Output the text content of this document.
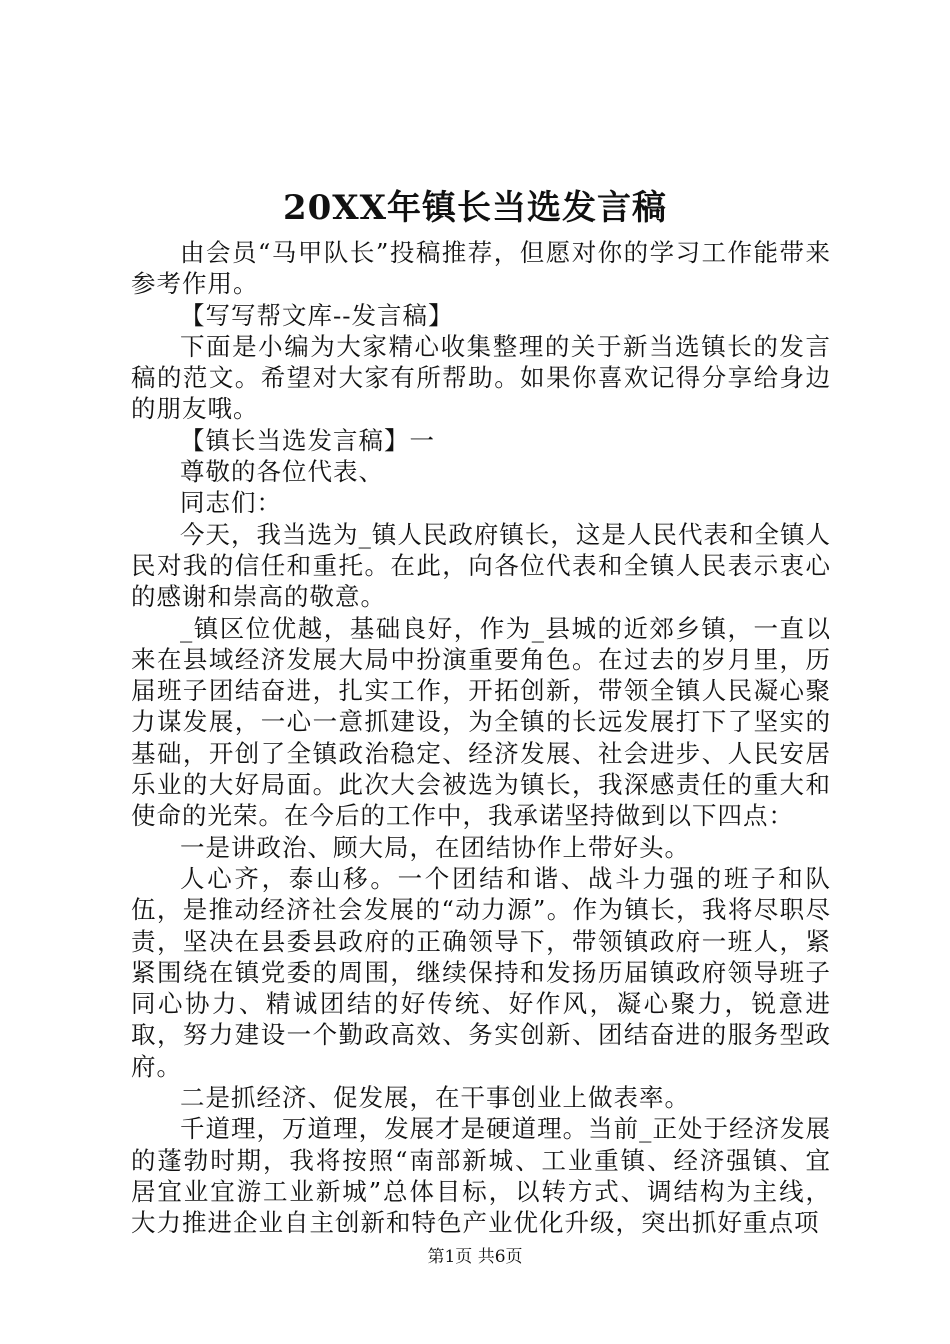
20XX年镇长当选发言稿

由会员“马甲队长”投稿推荐，但愿对你的学习工作能带来参考作用。

【写写帮文库--发言稿】

下面是小编为大家精心收集整理的关于新当选镇长的发言稿的范文。希望对大家有所帮助。如果你喜欢记得分享给身边的朋友哦。

【镇长当选发言稿】一

尊敬的各位代表、

同志们：

今天，我当选为_镇人民政府镇长，这是人民代表和全镇人民对我的信任和重托。在此，向各位代表和全镇人民表示衷心的感谢和崇高的敬意。

_镇区位优越，基础良好，作为_县城的近郊乡镇，一直以来在县域经济发展大局中扮演重要角色。在过去的岁月里，历届班子团结奋进，扎实工作，开拓创新，带领全镇人民凝心聚力谋发展，一心一意抓建设，为全镇的长远发展打下了坚实的基础，开创了全镇政治稳定、经济发展、社会进步、人民安居乐业的大好局面。此次大会被选为镇长，我深感责任的重大和使命的光荣。在今后的工作中，我承诺坚持做到以下四点：

一是讲政治、顾大局，在团结协作上带好头。

人心齐，泰山移。一个团结和谐、战斗力强的班子和队伍，是推动经济社会发展的“动力源”。作为镇长，我将尽职尽责，坚决在县委县政府的正确领导下，带领镇政府一班人，紧紧围绕在镇党委的周围，继续保持和发扬历届镇政府领导班子同心协力、精诚团结的好传统、好作风，凝心聚力，锐意进取，努力建设一个勤政高效、务实创新、团结奋进的服务型政府。

二是抓经济、促发展，在干事创业上做表率。

千道理，万道理，发展才是硬道理。当前_正处于经济发展的蓬勃时期，我将按照“南部新城、工业重镇、经济强镇、宜居宜业宜游工业新城”总体目标，以转方式、调结构为主线，大力推进企业自主创新和特色产业优化升级，突出抓好重点项

第1页 共6页
